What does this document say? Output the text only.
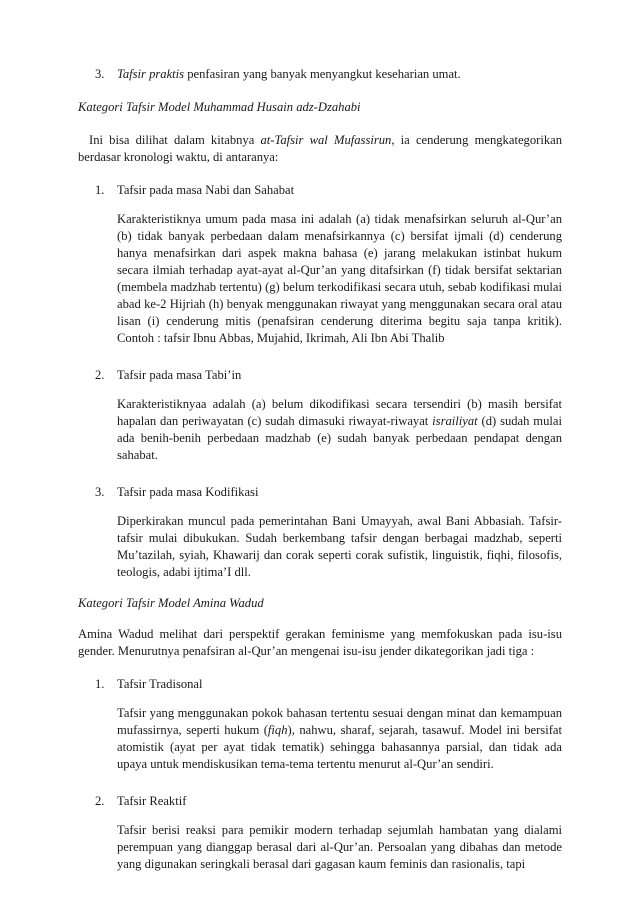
3. Tafsir praktis penfasiran yang banyak menyangkut keseharian umat.

Kategori Tafsir Model Muhammad Husain adz-Dzahabi

Ini bisa dilihat dalam kitabnya at-Tafsir wal Mufassirun, ia cenderung mengkategorikan berdasar kronologi waktu, di antaranya:

1. Tafsir pada masa Nabi dan Sahabat

Karakteristiknya umum pada masa ini adalah (a) tidak menafsirkan seluruh al-Qur’an (b) tidak banyak perbedaan dalam menafsirkannya (c) bersifat ijmali (d) cenderung hanya menafsirkan dari aspek makna bahasa (e) jarang melakukan istinbat hukum secara ilmiah terhadap ayat-ayat al-Qur’an yang ditafsirkan (f) tidak bersifat sektarian (membela madzhab tertentu) (g) belum terkodifikasi secara utuh, sebab kodifikasi mulai abad ke-2 Hijriah (h) benyak menggunakan riwayat yang menggunakan secara oral atau lisan (i) cenderung mitis (penafsiran cenderung diterima begitu saja tanpa kritik). Contoh : tafsir Ibnu Abbas, Mujahid, Ikrimah, Ali Ibn Abi Thalib

2. Tafsir pada masa Tabi’in

Karakteristiknyaa adalah (a) belum dikodifikasi secara tersendiri (b) masih bersifat hapalan dan periwayatan (c) sudah dimasuki riwayat-riwayat israiliyat (d) sudah mulai ada benih-benih perbedaan madzhab (e) sudah banyak perbedaan pendapat dengan sahabat.

3. Tafsir pada masa Kodifikasi

Diperkirakan muncul pada pemerintahan Bani Umayyah, awal Bani Abbasiah. Tafsir-tafsir mulai dibukukan. Sudah berkembang tafsir dengan berbagai madzhab, seperti Mu’tazilah, syiah, Khawarij dan corak seperti corak sufistik, linguistik, fiqhi, filosofis, teologis, adabi ijtima’I dll.

Kategori Tafsir Model Amina Wadud

Amina Wadud melihat dari perspektif gerakan feminisme yang memfokuskan pada isu-isu gender. Menurutnya penafsiran al-Qur’an mengenai isu-isu jender dikategorikan jadi tiga :

1. Tafsir Tradisonal

Tafsir yang menggunakan pokok bahasan tertentu sesuai dengan minat dan kemampuan mufassirnya, seperti hukum (fiqh), nahwu, sharaf, sejarah, tasawuf. Model ini bersifat atomistik (ayat per ayat tidak tematik) sehingga bahasannya parsial, dan tidak ada upaya untuk mendiskusikan tema-tema tertentu menurut al-Qur’an sendiri.

2. Tafsir Reaktif

Tafsir berisi reaksi para pemikir modern terhadap sejumlah hambatan yang dialami perempuan yang dianggap berasal dari al-Qur’an. Persoalan yang dibahas dan metode yang digunakan seringkali berasal dari gagasan kaum feminis dan rasionalis, tapi
